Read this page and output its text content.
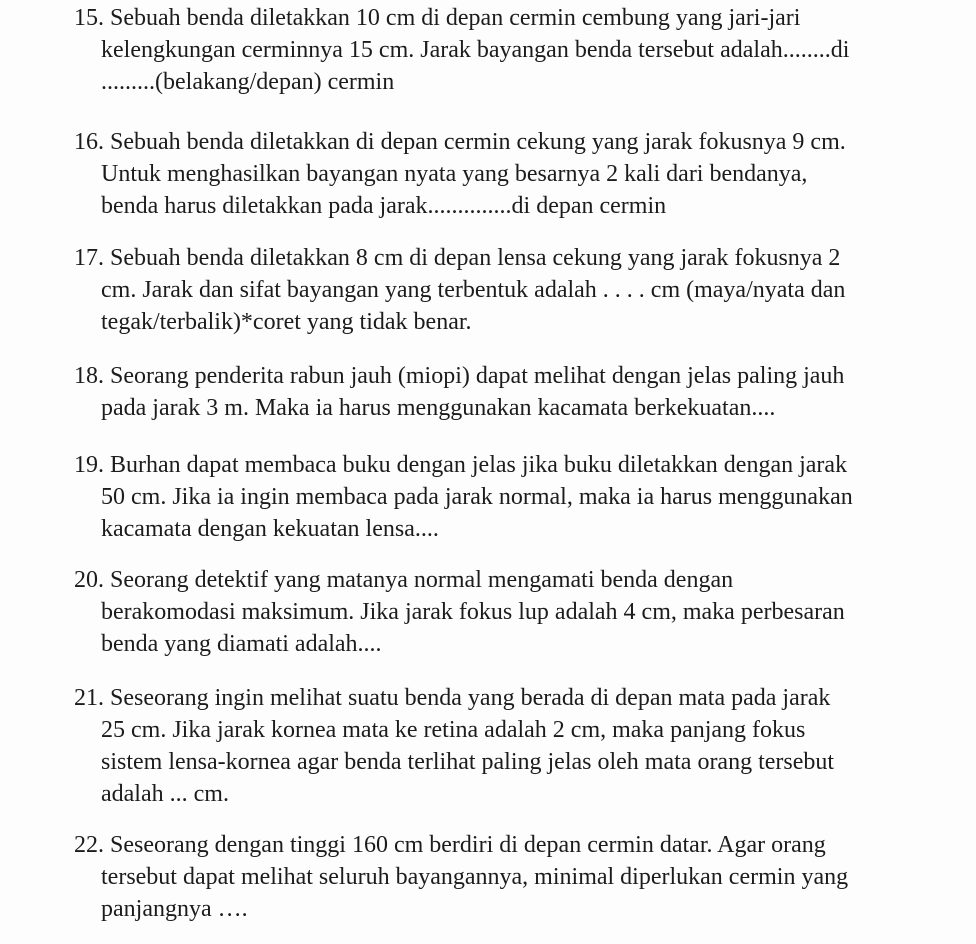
15. Sebuah benda diletakkan 10 cm di depan cermin cembung yang jari-jari
kelengkungan cerminnya 15 cm. Jarak bayangan benda tersebut adalah........di
.........(belakang/depan) cermin
16. Sebuah benda diletakkan di depan cermin cekung yang jarak fokusnya 9 cm.
Untuk menghasilkan bayangan nyata yang besarnya 2 kali dari bendanya,
benda harus diletakkan pada jarak..............di depan cermin
17. Sebuah benda diletakkan 8 cm di depan lensa cekung yang jarak fokusnya 2
cm. Jarak dan sifat bayangan yang terbentuk adalah . . . . cm (maya/nyata dan
tegak/terbalik)*coret yang tidak benar.
18. Seorang penderita rabun jauh (miopi) dapat melihat dengan jelas paling jauh
pada jarak 3 m. Maka ia harus menggunakan kacamata berkekuatan....
19. Burhan dapat membaca buku dengan jelas jika buku diletakkan dengan jarak
50 cm. Jika ia ingin membaca pada jarak normal, maka ia harus menggunakan
kacamata dengan kekuatan lensa....
20. Seorang detektif yang matanya normal mengamati benda dengan
berakomodasi maksimum. Jika jarak fokus lup adalah 4 cm, maka perbesaran
benda yang diamati adalah....
21. Seseorang ingin melihat suatu benda yang berada di depan mata pada jarak
25 cm. Jika jarak kornea mata ke retina adalah 2 cm, maka panjang fokus
sistem lensa-kornea agar benda terlihat paling jelas oleh mata orang tersebut
adalah ... cm.
22. Seseorang dengan tinggi 160 cm berdiri di depan cermin datar. Agar orang
tersebut dapat melihat seluruh bayangannya, minimal diperlukan cermin yang
panjangnya ….
